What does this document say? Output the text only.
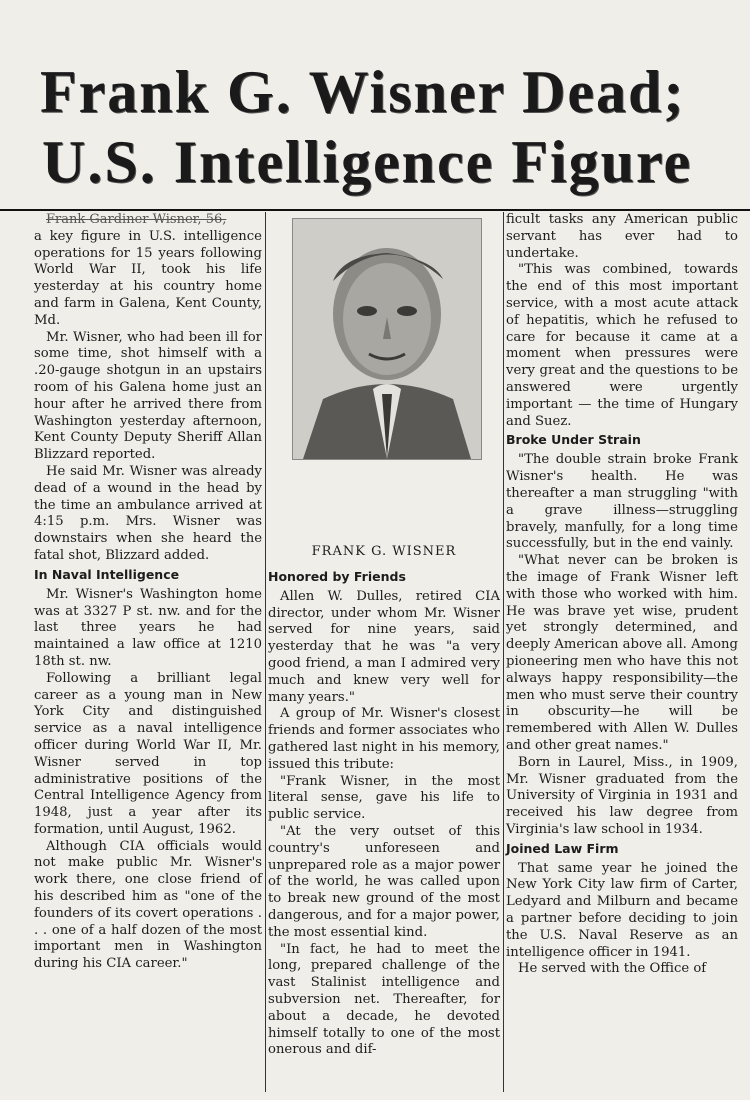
Frank G. Wisner Dead;
U.S. Intelligence Figure
Frank Gardiner Wisner, 56,

a key figure in U.S. intelligence operations for 15 years following World War II, took his life yesterday at his country home and farm in Galena, Kent County, Md.

Mr. Wisner, who had been ill for some time, shot himself with a .20-gauge shotgun in an upstairs room of his Galena home just an hour after he arrived there from Washington yesterday afternoon, Kent County Deputy Sheriff Allan Blizzard reported.

He said Mr. Wisner was already dead of a wound in the head by the time an ambulance arrived at 4:15 p.m. Mrs. Wisner was downstairs when she heard the fatal shot, Blizzard added.

In Naval Intelligence

Mr. Wisner's Washington home was at 3327 P st. nw. and for the last three years he had maintained a law office at 1210 18th st. nw.

Following a brilliant legal career as a young man in New York City and distinguished service as a naval intelligence officer during World War II, Mr. Wisner served in top administrative positions of the Central Intelligence Agency from 1948, just a year after its formation, until August, 1962.

Although CIA officials would not make public Mr. Wisner's work there, one close friend of his described him as "one of the founders of its covert operations . . . one of a half dozen of the most important men in Washington during his CIA career."

FRANK G. WISNER
Honored by Friends

Allen W. Dulles, retired CIA director, under whom Mr. Wisner served for nine years, said yesterday that he was "a very good friend, a man I admired very much and knew very well for many years."

A group of Mr. Wisner's closest friends and former associates who gathered last night in his memory, issued this tribute:

"Frank Wisner, in the most literal sense, gave his life to public service.

"At the very outset of this country's unforeseen and unprepared role as a major power of the world, he was called upon to break new ground of the most dangerous, and for a major power, the most essential kind.

"In fact, he had to meet the long, prepared challenge of the vast Stalinist intelligence and subversion net. Thereafter, for about a decade, he devoted himself totally to one of the most onerous and dif-

ficult tasks any American public servant has ever had to undertake.

"This was combined, towards the end of this most important service, with a most acute attack of hepatitis, which he refused to care for because it came at a moment when pressures were very great and the questions to be answered were urgently important — the time of Hungary and Suez.

Broke Under Strain

"The double strain broke Frank Wisner's health. He was thereafter a man struggling "with a grave illness—struggling bravely, manfully, for a long time successfully, but in the end vainly.

"What never can be broken is the image of Frank Wisner left with those who worked with him. He was brave yet wise, prudent yet strongly determined, and deeply American above all. Among pioneering men who have this not always happy responsibility—the men who must serve their country in obscurity—he will be remembered with Allen W. Dulles and other great names."

Born in Laurel, Miss., in 1909, Mr. Wisner graduated from the University of Virginia in 1931 and received his law degree from Virginia's law school in 1934.

Joined Law Firm

That same year he joined the New York City law firm of Carter, Ledyard and Milburn and became a partner before deciding to join the U.S. Naval Reserve as an intelligence officer in 1941.

He served with the Office of
